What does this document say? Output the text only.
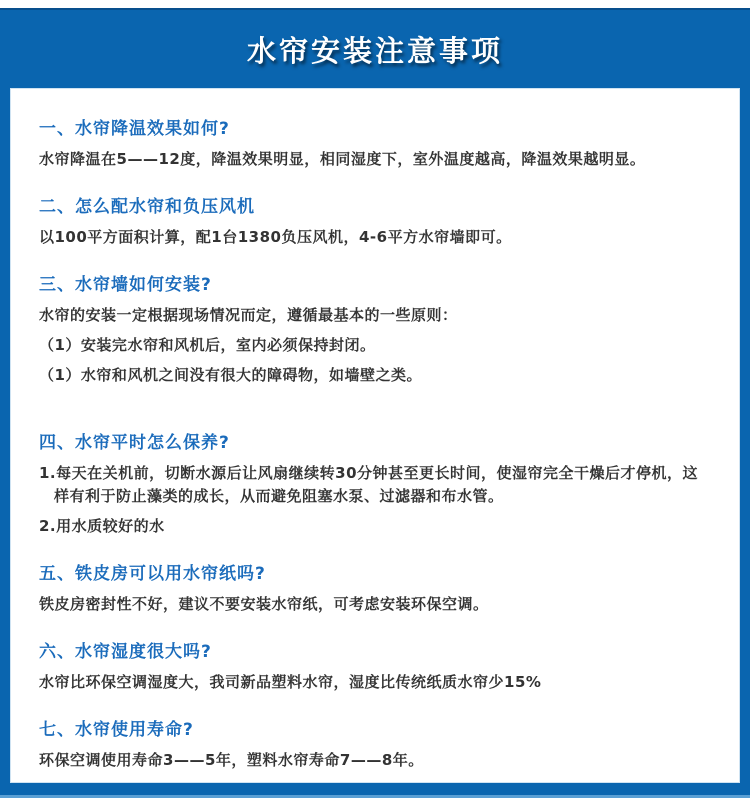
水帘安装注意事项
一、水帘降温效果如何?

水帘降温在5——12度，降温效果明显，相同湿度下，室外温度越高，降温效果越明显。

二、怎么配水帘和负压风机

以100平方面积计算，配1台1380负压风机，4-6平方水帘墙即可。

三、水帘墙如何安装?

水帘的安装一定根据现场情况而定，遵循最基本的一些原则：

（1）安装完水帘和风机后，室内必须保持封闭。

（1）水帘和风机之间没有很大的障碍物，如墙壁之类。

四、水帘平时怎么保养?

1.每天在关机前，切断水源后让风扇继续转30分钟甚至更长时间，使湿帘完全干燥后才停机，这样有利于防止藻类的成长，从而避免阻塞水泵、过滤器和布水管。

2.用水质较好的水

五、铁皮房可以用水帘纸吗?

铁皮房密封性不好，建议不要安装水帘纸，可考虑安装环保空调。

六、水帘湿度很大吗?

水帘比环保空调湿度大，我司新品塑料水帘，湿度比传统纸质水帘少15%

七、水帘使用寿命?

环保空调使用寿命3——5年，塑料水帘寿命7——8年。
